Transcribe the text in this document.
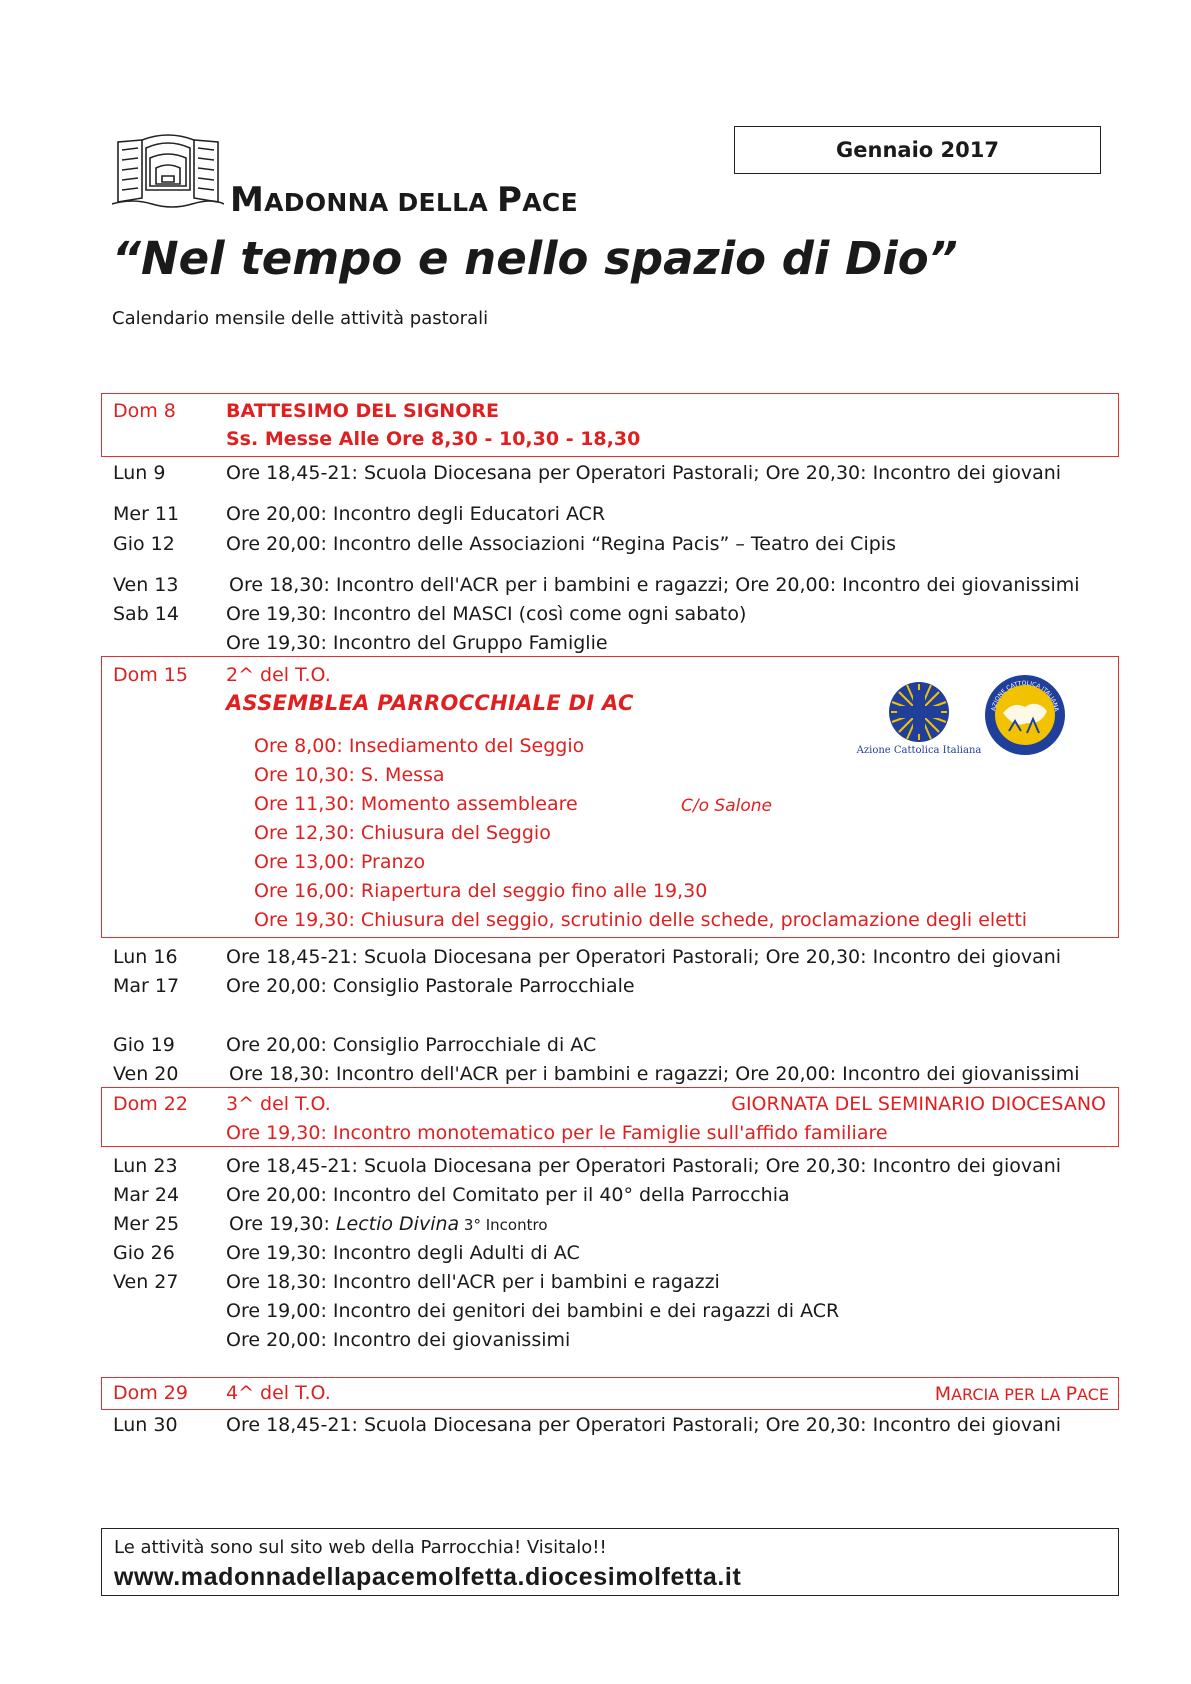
Gennaio 2017
MADONNA DELLA PACE
“Nel tempo e nello spazio di Dio”
Calendario mensile delle attività pastorali
Dom 8	BATTESIMO DEL SIGNORE
Ss. Messe Alle Ore 8,30 - 10,30 - 18,30
Lun 9	Ore 18,45-21: Scuola Diocesana per Operatori Pastorali; Ore 20,30: Incontro dei giovani
Mer 11 Ore 20,00: Incontro degli Educatori ACR
Gio 12	Ore 20,00: Incontro delle Associazioni “Regina Pacis” – Teatro dei Cipis
Ven 13	Ore 18,30: Incontro dell'ACR per i bambini e ragazzi; Ore 20,00: Incontro dei giovanissimi
Sab 14 Ore 19,30: Incontro del MASCI (così come ogni sabato)
Ore 19,30: Incontro del Gruppo Famiglie
Dom 15 2^ del T.O.
ASSEMBLEA PARROCCHIALE DI AC
Ore 8,00: Insediamento del Seggio
Ore 10,30: S. Messa
Ore 11,30: Momento assembleare	C/o Salone
Ore 12,30: Chiusura del Seggio
Ore 13,00: Pranzo
Ore 16,00: Riapertura del seggio fino alle 19,30
Ore 19,30: Chiusura del seggio, scrutinio delle schede, proclamazione degli eletti
Azione Cattolica Italiana
AZIONE CATTOLICA ITALIANA
Lun 16	Ore 18,45-21: Scuola Diocesana per Operatori Pastorali; Ore 20,30: Incontro dei giovani
Mar 17 Ore 20,00: Consiglio Pastorale Parrocchiale
Gio 19	Ore 20,00: Consiglio Parrocchiale di AC
Ven 20	Ore 18,30: Incontro dell'ACR per i bambini e ragazzi; Ore 20,00: Incontro dei giovanissimi
Dom 22 3^ del T.O.	GIORNATA DEL SEMINARIO DIOCESANO
Ore 19,30: Incontro monotematico per le Famiglie sull'affido familiare
Lun 23	Ore 18,45-21: Scuola Diocesana per Operatori Pastorali; Ore 20,30: Incontro dei giovani
Mar 24 Ore 20,00: Incontro del Comitato per il 40° della Parrocchia
Mer 25	Ore 19,30: Lectio Divina 3° Incontro
Gio 26	Ore 19,30: Incontro degli Adulti di AC
Ven 27	Ore 18,30: Incontro dell'ACR per i bambini e ragazzi
Ore 19,00: Incontro dei genitori dei bambini e dei ragazzi di ACR
Ore 20,00: Incontro dei giovanissimi
Dom 29 4^ del T.O.	MARCIA PER LA PACE
Lun 30	Ore 18,45-21: Scuola Diocesana per Operatori Pastorali; Ore 20,30: Incontro dei giovani
Le attività sono sul sito web della Parrocchia! Visitalo!!
www.madonnadellapacemolfetta.diocesimolfetta.it
